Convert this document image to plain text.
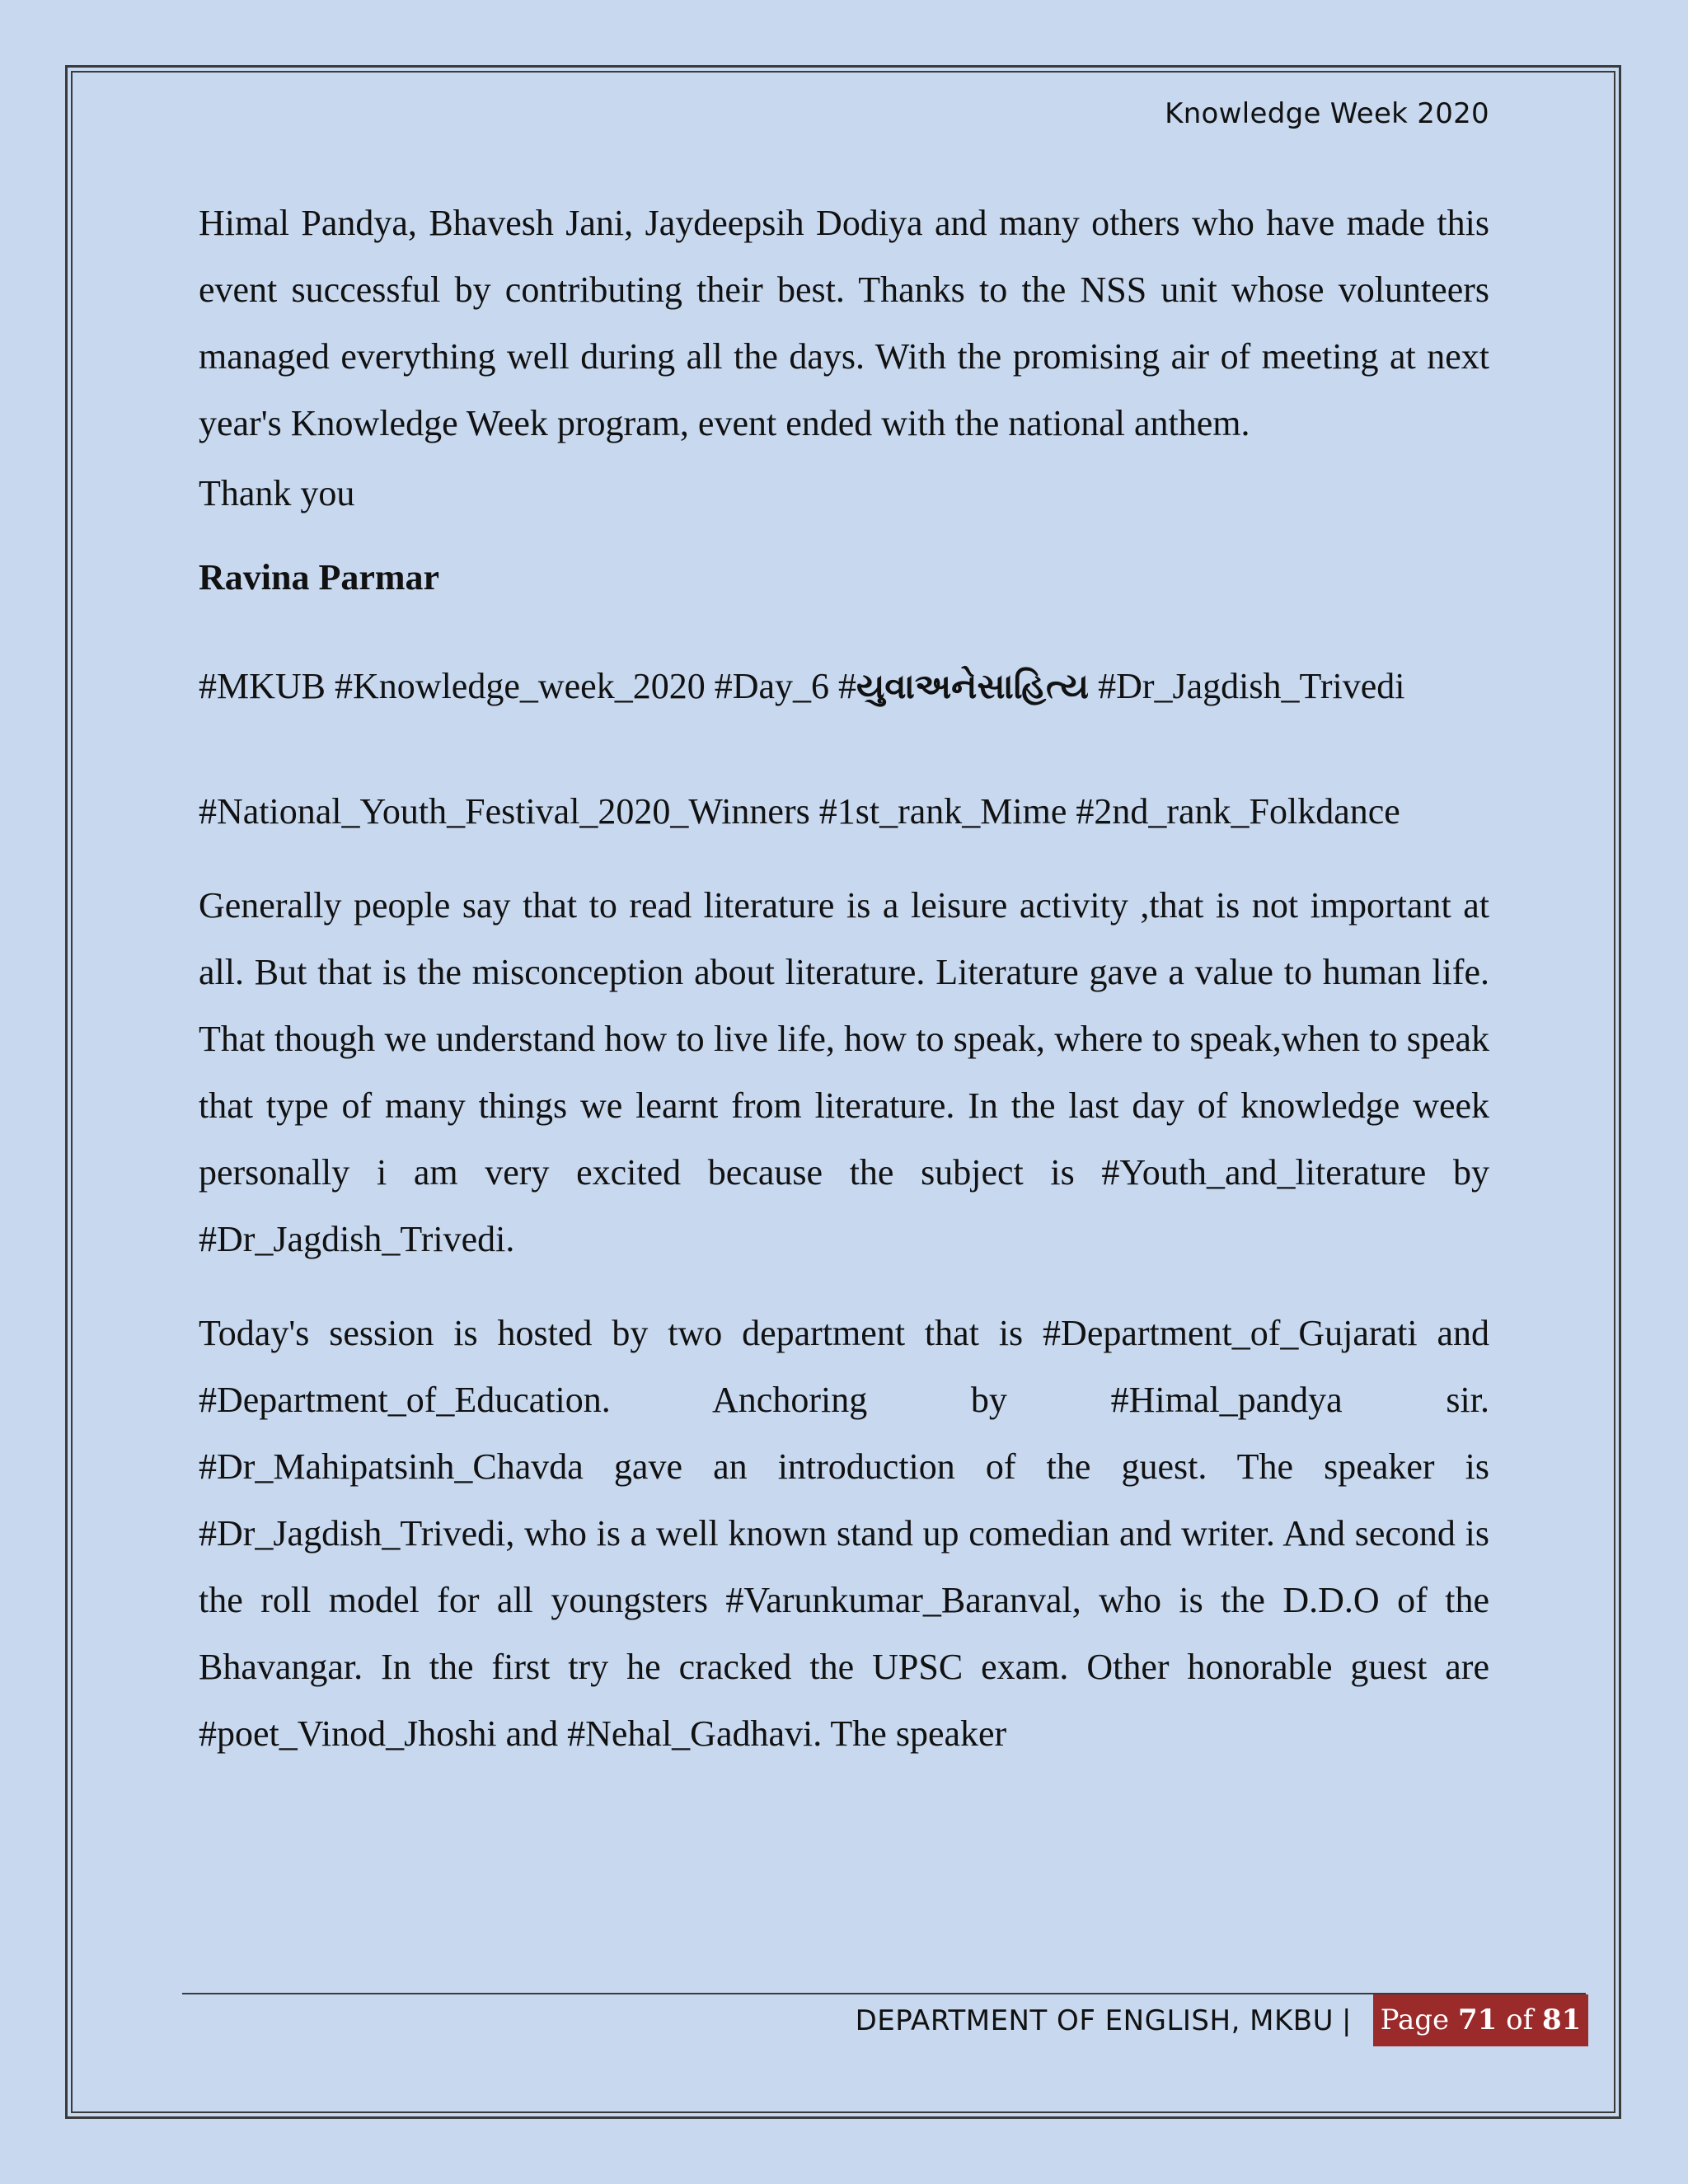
Knowledge Week 2020

Himal Pandya, Bhavesh Jani, Jaydeepsih Dodiya and many others who have made this event successful by contributing their best. Thanks to the NSS unit whose volunteers managed everything well during all the days. With the promising air of meeting at next year's Knowledge Week program, event ended with the national anthem.

Thank you

Ravina Parmar

#MKUB #Knowledge_week_2020 #Day_6 #યુવાઅનેસાહિત્ય #Dr_Jagdish_Trivedi

#National_Youth_Festival_2020_Winners #1st_rank_Mime #2nd_rank_Folkdance

Generally people say that to read literature is a leisure activity ,that is not important at all. But that is the misconception about literature. Literature gave a value to human life. That though we understand how to live life, how to speak, where to speak,when to speak that type of many things we learnt from literature. In the last day of knowledge week personally i am very excited because the subject is #Youth_and_literature by #Dr_Jagdish_Trivedi.

Today's session is hosted by two department that is #Department_of_Gujarati and #Department_of_Education. Anchoring by #Himal_pandya sir. #Dr_Mahipatsinh_Chavda gave an introduction of the guest. The speaker is #Dr_Jagdish_Trivedi, who is a well known stand up comedian and writer. And second is the roll model for all youngsters #Varunkumar_Baranval, who is the D.D.O of the Bhavangar. In the first try he cracked the UPSC exam. Other honorable guest are #poet_Vinod_Jhoshi and #Nehal_Gadhavi. The speaker

DEPARTMENT OF ENGLISH, MKBU | Page 71 of 81
